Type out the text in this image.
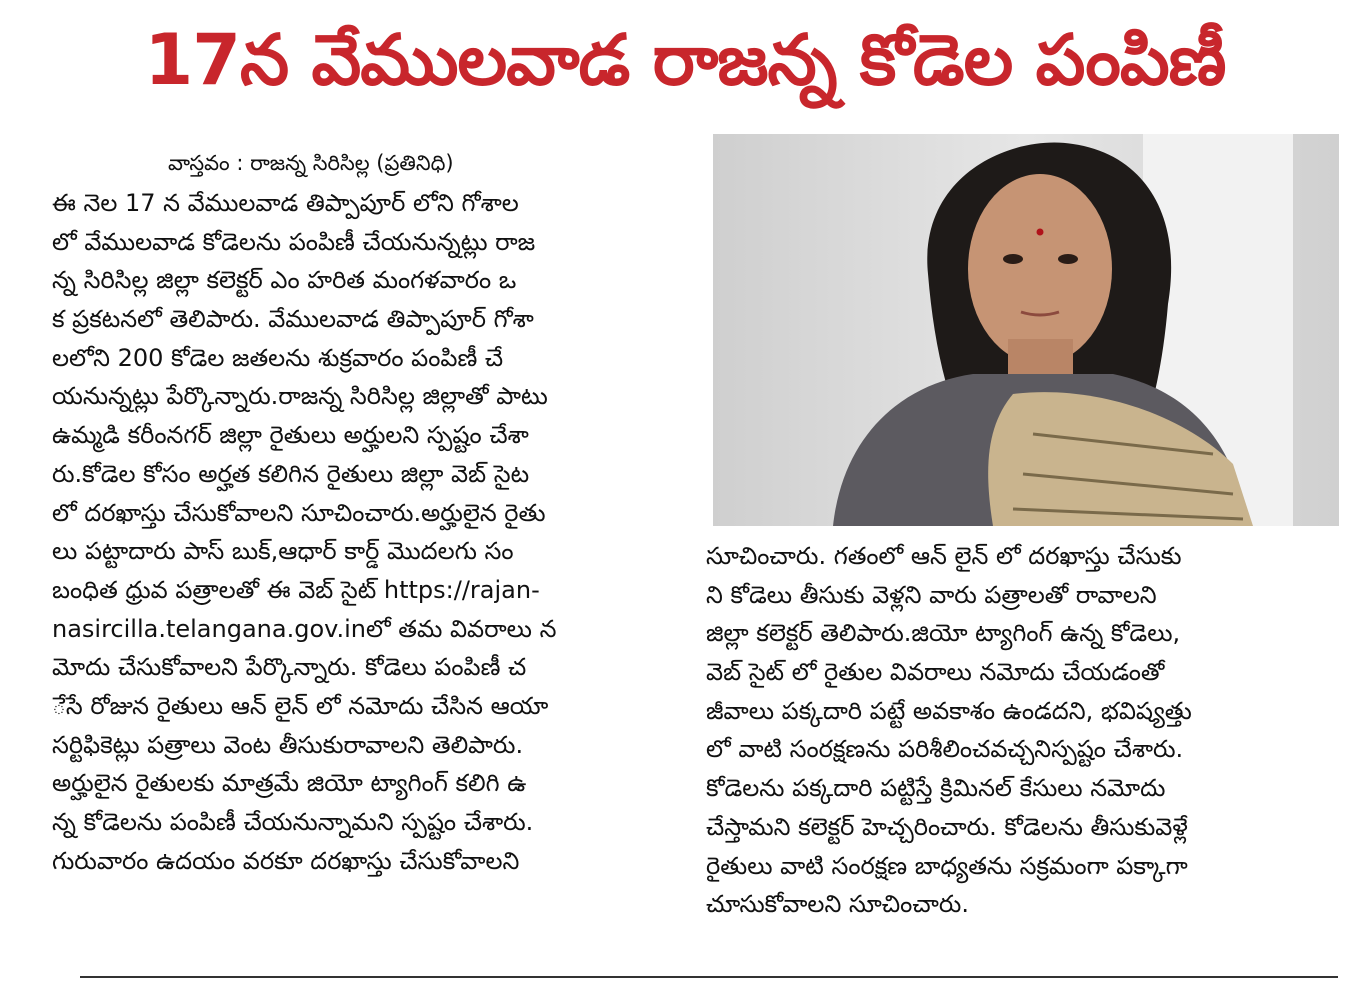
17న వేములవాడ రాజన్న కోడెల పంపిణీ
వాస్తవం : రాజన్న సిరిసిల్ల (ప్రతినిధి)
ఈ నెల 17 న వేములవాడ తిప్పాపూర్ లోని గోశాల
లో వేములవాడ కోడెలను పంపిణీ చేయనున్నట్లు రాజ
న్న సిరిసిల్ల జిల్లా కలెక్టర్ ఎం హరిత మంగళవారం ఒ
క ప్రకటనలో తెలిపారు. వేములవాడ తిప్పాపూర్ గోశా
లలోని 200 కోడెల జతలను శుక్రవారం పంపిణీ చే
యనున్నట్లు పేర్కొన్నారు.రాజన్న సిరిసిల్ల జిల్లాతో పాటు
ఉమ్మడి కరీంనగర్ జిల్లా రైతులు అర్హులని స్పష్టం చేశా
రు.కోడెల కోసం అర్హత కలిగిన రైతులు జిల్లా వెబ్ సైట
లో దరఖాస్తు చేసుకోవాలని సూచించారు.అర్హులైన రైతు
లు పట్టాదారు పాస్ బుక్,ఆధార్ కార్డ్ మొదలగు సం
బంధిత ధ్రువ పత్రాలతో ఈ వెబ్ సైట్ https://rajan-
nasircilla.telangana.gov.inలో తమ వివరాలు న
మోదు చేసుకోవాలని పేర్కొన్నారు. కోడెలు పంపిణీ చ
ేసే రోజున రైతులు ఆన్ లైన్ లో నమోదు చేసిన ఆయా
సర్టిఫికెట్లు పత్రాలు వెంట తీసుకురావాలని తెలిపారు.
అర్హులైన రైతులకు మాత్రమే జియో ట్యాగింగ్ కలిగి ఉ
న్న కోడెలను పంపిణీ చేయనున్నామని స్పష్టం చేశారు.
గురువారం ఉదయం వరకూ దరఖాస్తు చేసుకోవాలని
సూచించారు. గతంలో ఆన్ లైన్ లో దరఖాస్తు చేసుకు
ని కోడెలు తీసుకు వెళ్లని వారు పత్రాలతో రావాలని
జిల్లా కలెక్టర్ తెలిపారు.జియో ట్యాగింగ్ ఉన్న కోడెలు,
వెబ్ సైట్ లో రైతుల వివరాలు నమోదు చేయడంతో
జీవాలు పక్కదారి పట్టే అవకాశం ఉండదని, భవిష్యత్తు
లో వాటి సంరక్షణను పరిశీలించవచ్చనిస్పష్టం చేశారు.
కోడెలను పక్కదారి పట్టిస్తే క్రిమినల్ కేసులు నమోదు
చేస్తామని కలెక్టర్ హెచ్చరించారు. కోడెలను తీసుకువెళ్లే
రైతులు వాటి సంరక్షణ బాధ్యతను సక్రమంగా పక్కాగా
చూసుకోవాలని సూచించారు.
